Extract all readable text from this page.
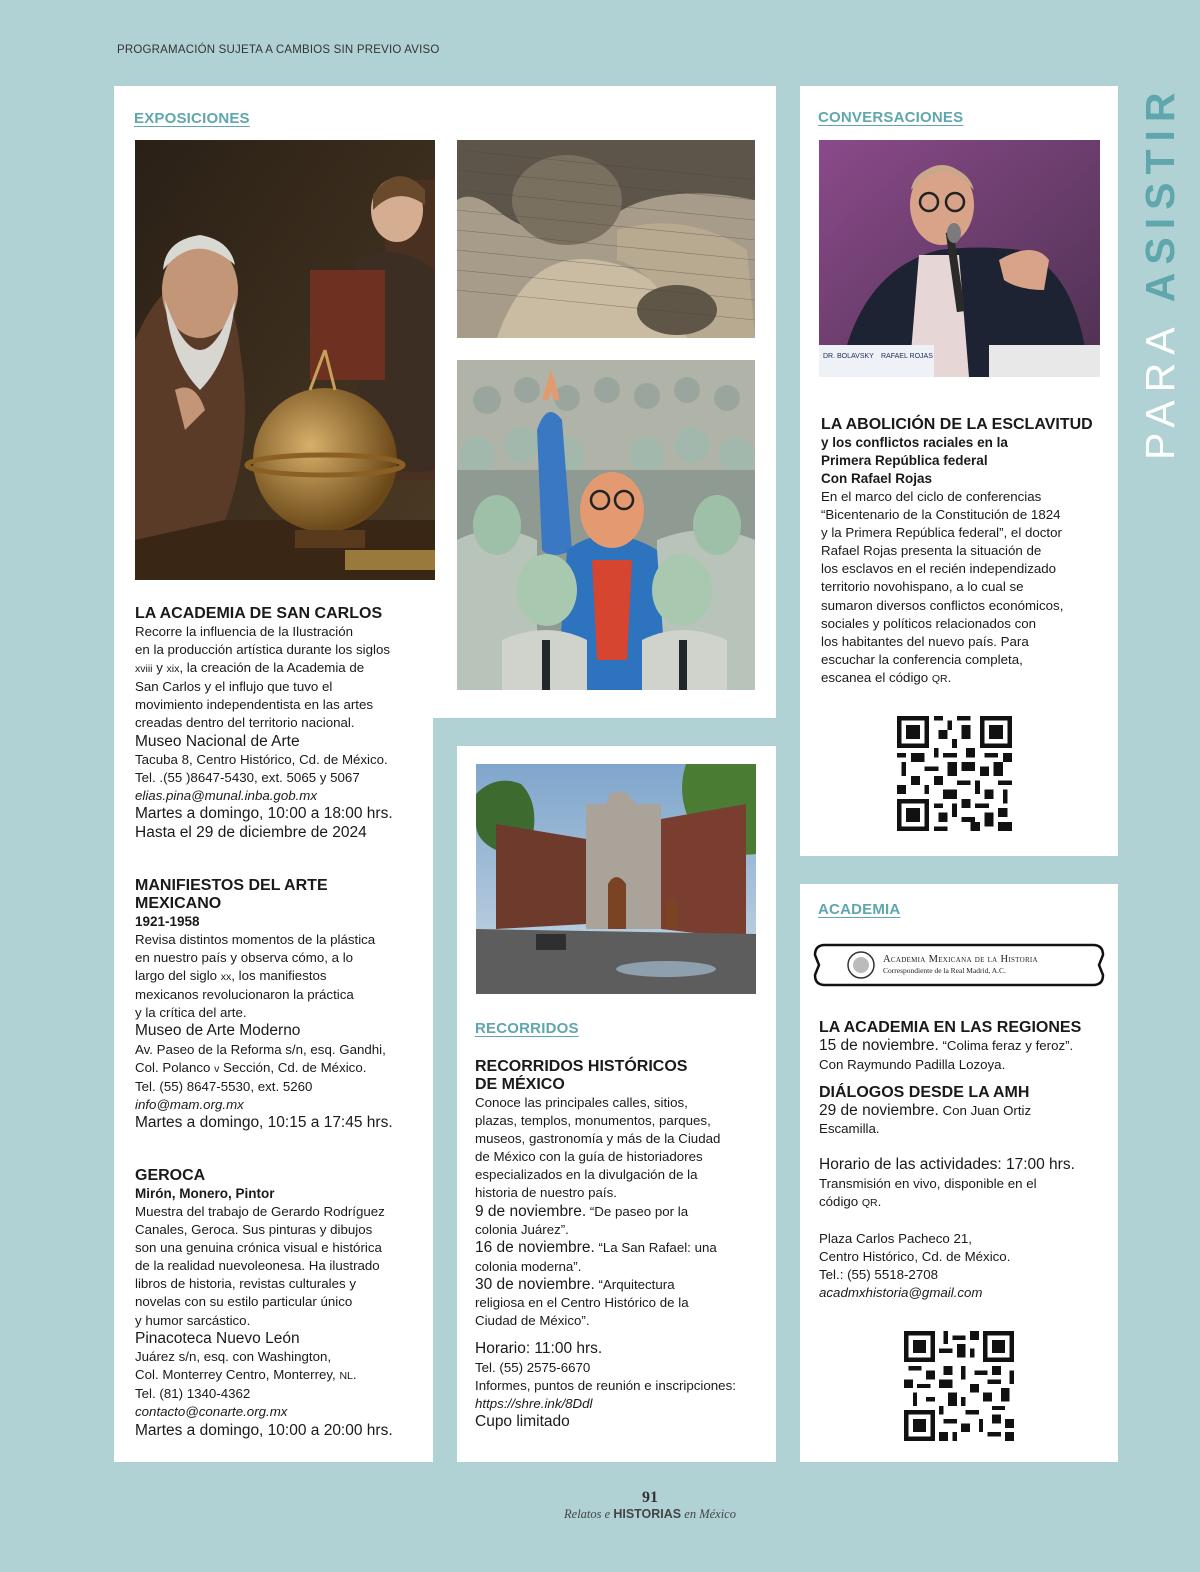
PROGRAMACIÓN SUJETA A CAMBIOS SIN PREVIO AVISO
PARA ASISTIR
EXPOSICIONES

LA ACADEMIA DE SAN CARLOS

Recorre la influencia de la Ilustración

en la producción artística durante los siglos

xviii y xix, la creación de la Academia de

San Carlos y el influjo que tuvo el

movimiento independentista en las artes

creadas dentro del territorio nacional.

Museo Nacional de Arte

Tacuba 8, Centro Histórico, Cd. de México.

Tel. .(55 )8647-5430, ext. 5065 y 5067

elias.pina@munal.inba.gob.mx

Martes a domingo, 10:00 a 18:00 hrs.

Hasta el 29 de diciembre de 2024

MANIFIESTOS DEL ARTE

MEXICANO

1921-1958

Revisa distintos momentos de la plástica

en nuestro país y observa cómo, a lo

largo del siglo xx, los manifiestos

mexicanos revolucionaron la práctica

y la crítica del arte.

Museo de Arte Moderno

Av. Paseo de la Reforma s/n, esq. Gandhi,

Col. Polanco v Sección, Cd. de México.

Tel. (55) 8647-5530, ext. 5260

info@mam.org.mx

Martes a domingo, 10:15 a 17:45 hrs.

GEROCA

Mirón, Monero, Pintor

Muestra del trabajo de Gerardo Rodríguez

Canales, Geroca. Sus pinturas y dibujos

son una genuina crónica visual e histórica

de la realidad nuevoleonesa. Ha ilustrado

libros de historia, revistas culturales y

novelas con su estilo particular único

y humor sarcástico.

Pinacoteca Nuevo León

Juárez s/n, esq. con Washington,

Col. Monterrey Centro, Monterrey, NL.

Tel. (81) 1340-4362

contacto@conarte.org.mx

Martes a domingo, 10:00 a 20:00 hrs.

RECORRIDOS

RECORRIDOS HISTÓRICOS

DE MÉXICO

Conoce las principales calles, sitios,

plazas, templos, monumentos, parques,

museos, gastronomía y más de la Ciudad

de México con la guía de historiadores

especializados en la divulgación de la

historia de nuestro país.

9 de noviembre. “De paseo por la

colonia Juárez”.

16 de noviembre. “La San Rafael: una

colonia moderna”.

30 de noviembre. “Arquitectura

religiosa en el Centro Histórico de la

Ciudad de México”.

Horario: 11:00 hrs.

Tel. (55) 2575-6670

Informes, puntos de reunión e inscripciones:

https://shre.ink/8Ddl

Cupo limitado

CONVERSACIONES
DR. BOLAVSKY RAFAEL ROJAS

LA ABOLICIÓN DE LA ESCLAVITUD

y los conflictos raciales en la

Primera República federal

Con Rafael Rojas

En el marco del ciclo de conferencias

“Bicentenario de la Constitución de 1824

y la Primera República federal”, el doctor

Rafael Rojas presenta la situación de

los esclavos en el recién independizado

territorio novohispano, a lo cual se

sumaron diversos conflictos económicos,

sociales y políticos relacionados con

los habitantes del nuevo país. Para

escuchar la conferencia completa,

escanea el código QR.

ACADEMIA
Academia Mexicana de la Historia
Correspondiente de la Real Madrid, A.C.

LA ACADEMIA EN LAS REGIONES

15 de noviembre. “Colima feraz y feroz”.

Con Raymundo Padilla Lozoya.

DIÁLOGOS DESDE LA AMH

29 de noviembre. Con Juan Ortiz

Escamilla.

Horario de las actividades: 17:00 hrs.

Transmisión en vivo, disponible en el

código QR.

Plaza Carlos Pacheco 21,

Centro Histórico, Cd. de México.

Tel.: (55) 5518-2708

acadmxhistoria@gmail.com

91
Relatos e HISTORIAS en México
